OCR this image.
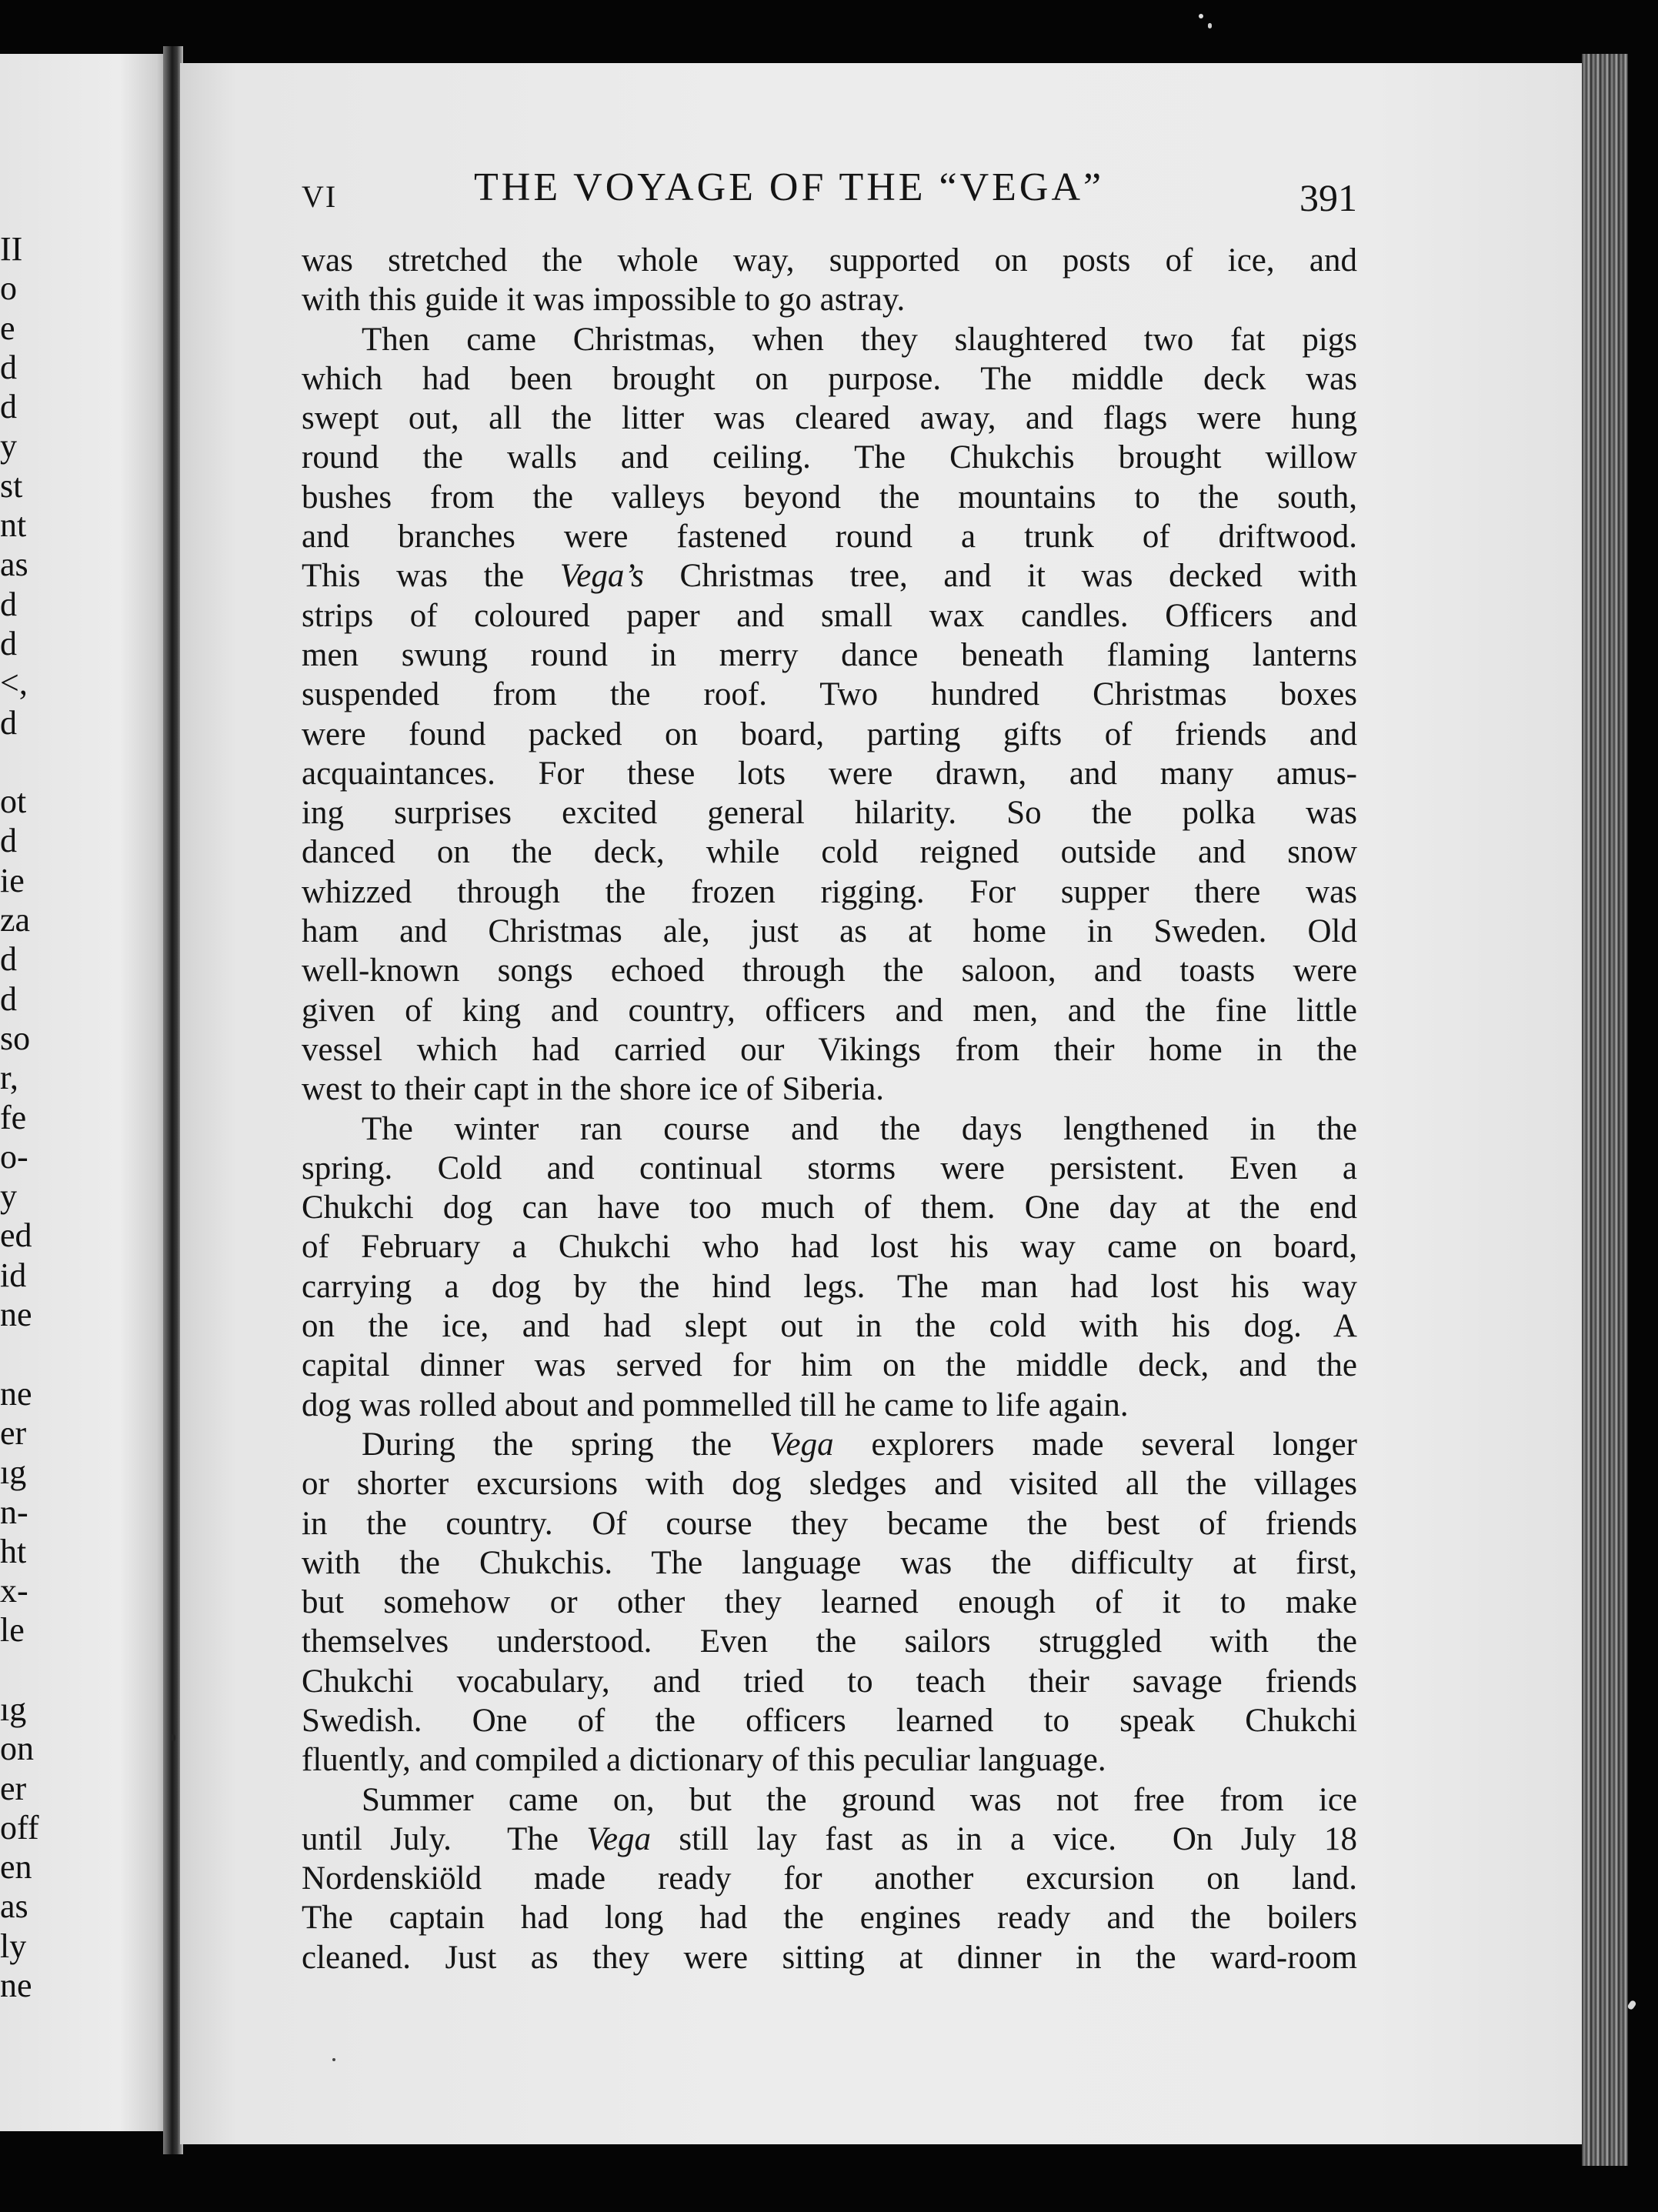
II
o
e
d
d
y
st
nt
as
d
d
<,
d
ot
d
ie
za
d
d
so
r,
fe
o-
y
ed
id
ne
ne
er
ıg
n-
ht
x-
le
ıg
on
er
off
en
as
ly
ne
VI	THE VOYAGE OF THE “VEGA”	391
was stretched the whole way, supported on posts of ice, and
with this guide it was impossible to go astray.
Then came Christmas, when they slaughtered two fat pigs
which had been brought on purpose. The middle deck was
swept out, all the litter was cleared away, and flags were hung
round the walls and ceiling. The Chukchis brought willow
bushes from the valleys beyond the mountains to the south,
and branches were fastened round a trunk of driftwood.
This was the Vega’s Christmas tree, and it was decked with
strips of coloured paper and small wax candles. Officers and
men swung round in merry dance beneath flaming lanterns
suspended from the roof. Two hundred Christmas boxes
were found packed on board, parting gifts of friends and
acquaintances. For these lots were drawn, and many amus-
ing surprises excited general hilarity. So the polka was
danced on the deck, while cold reigned outside and snow
whizzed through the frozen rigging. For supper there was
ham and Christmas ale, just as at home in Sweden. Old
well-known songs echoed through the saloon, and toasts were
given of king and country, officers and men, and the fine little
vessel which had carried our Vikings from their home in the
west to their capt in the shore ice of Siberia.
The winter ran course and the days lengthened in the
spring. Cold and continual storms were persistent. Even a
Chukchi dog can have too much of them. One day at the end
of February a Chukchi who had lost his way came on board,
carrying a dog by the hind legs. The man had lost his way
on the ice, and had slept out in the cold with his dog. A
capital dinner was served for him on the middle deck, and the
dog was rolled about and pommelled till he came to life again.
During the spring the Vega explorers made several longer
or shorter excursions with dog sledges and visited all the villages
in the country. Of course they became the best of friends
with the Chukchis. The language was the difficulty at first,
but somehow or other they learned enough of it to make
themselves understood. Even the sailors struggled with the
Chukchi vocabulary, and tried to teach their savage friends
Swedish. One of the officers learned to speak Chukchi
fluently, and compiled a dictionary of this peculiar language.
Summer came on, but the ground was not free from ice
until July.  The Vega still lay fast as in a vice.  On July 18
Nordenskiöld made ready for another excursion on land.
The captain had long had the engines ready and the boilers
cleaned. Just as they were sitting at dinner in the ward-room
